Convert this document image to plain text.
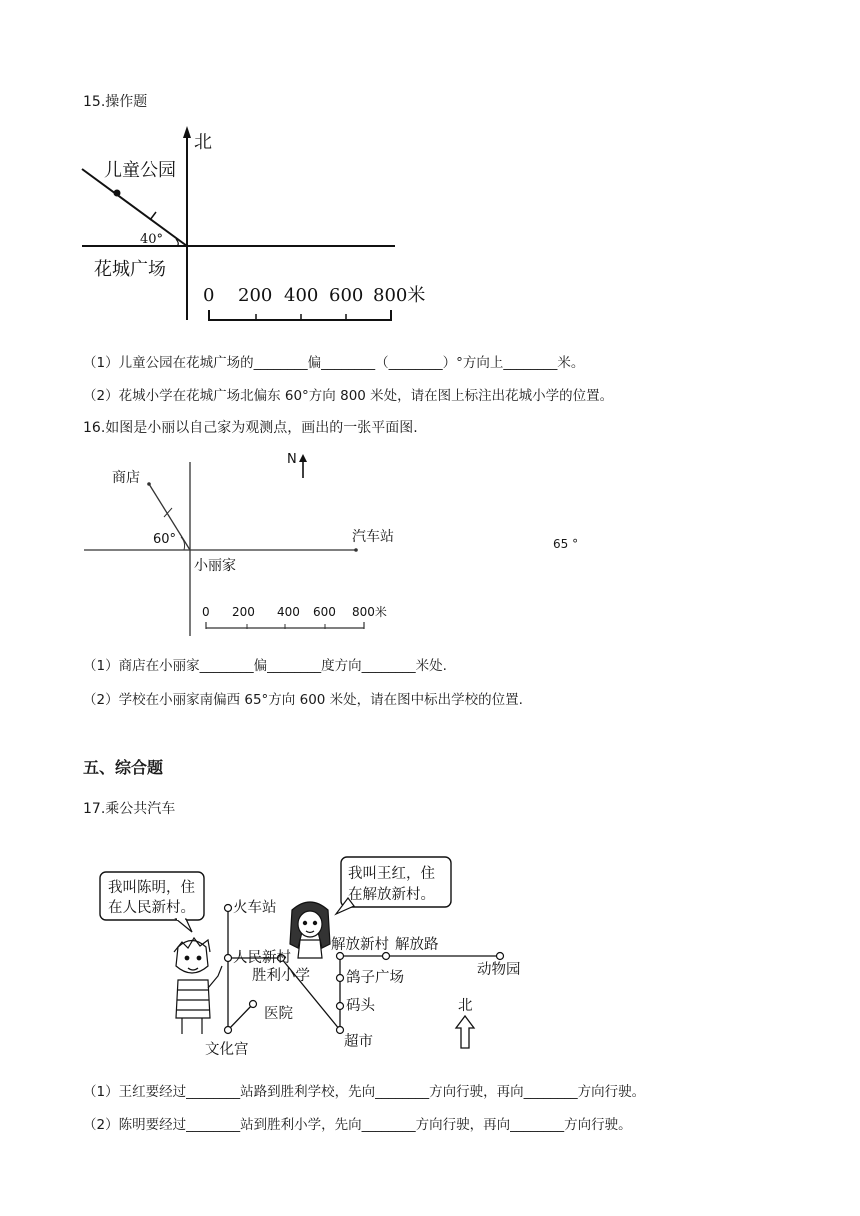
15.操作题
北
儿童公园
40°
花城广场
0 200 400 600 800米
（1）儿童公园在花城广场的________偏________（________）°方向上________米。
（2）花城小学在花城广场北偏东 60°方向 800 米处，请在图上标注出花城小学的位置。
16.如图是小丽以自己家为观测点，画出的一张平面图.
商店
60°	汽车站
小丽家
N
0 200 400 600 800米
65 °
（1）商店在小丽家________偏________度方向________米处.
（2）学校在小丽家南偏西 65°方向 600 米处，请在图中标出学校的位置.
五、综合题
17.乘公共汽车
我叫陈明，住
在人民新村。
我叫王红，住
在解放新村。
火车站
人民新村
胜利小学
解放新村 解放路
动物园
鸽子广场
码头
医院
超市
文化宫
北
（1）王红要经过________站路到胜利学校，先向________方向行驶，再向________方向行驶。
（2）陈明要经过________站到胜利小学，先向________方向行驶，再向________方向行驶。
